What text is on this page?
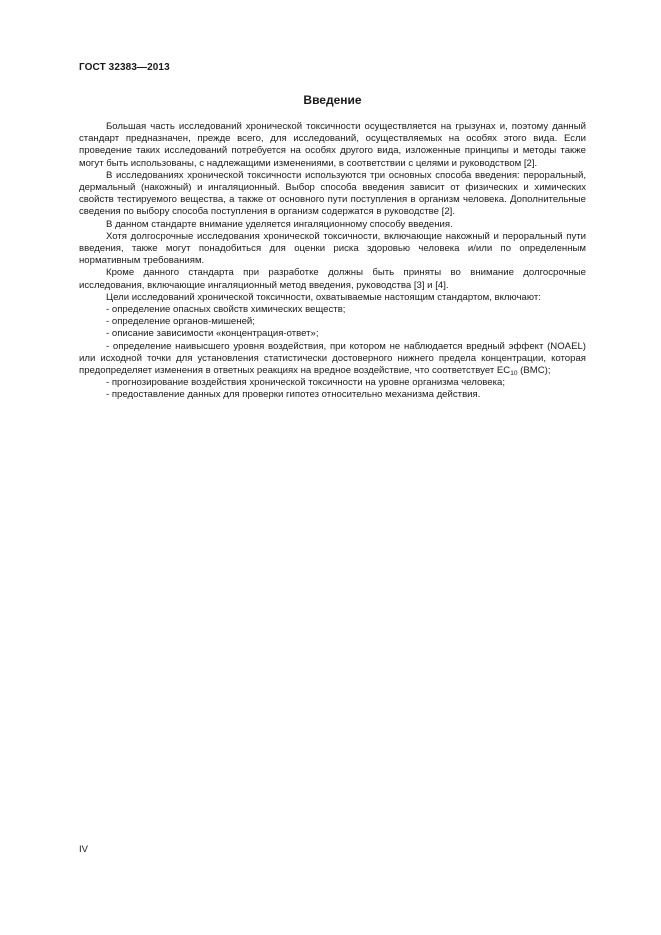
ГОСТ 32383—2013
Введение

Большая часть исследований хронической токсичности осуществляется на грызунах и, поэтому данный стандарт предназначен, прежде всего, для исследований, осуществляемых на особях этого вида. Если проведение таких исследований потребуется на особях другого вида, изложенные принципы и методы также могут быть использованы, с надлежащими изменениями, в соответствии с целями и руководством [2].

В исследованиях хронической токсичности используются три основных способа введения: пероральный, дермальный (накожный) и ингаляционный. Выбор способа введения зависит от физических и химических свойств тестируемого вещества, а также от основного пути поступления в организм человека. Дополнительные сведения по выбору способа поступления в организм содержатся в руководстве [2].

В данном стандарте внимание уделяется ингаляционному способу введения.

Хотя долгосрочные исследования хронической токсичности, включающие накожный и пероральный пути введения, также могут понадобиться для оценки риска здоровью человека и/или по определенным нормативным требованиям.

Кроме данного стандарта при разработке должны быть приняты во внимание долгосрочные исследования, включающие ингаляционный метод введения, руководства [3] и [4].

Цели исследований хронической токсичности, охватываемые настоящим стандартом, включают:

- определение опасных свойств химических веществ;

- определение органов-мишеней;

- описание зависимости «концентрация-ответ»;

- определение наивысшего уровня воздействия, при котором не наблюдается вредный эффект (NOAEL) или исходной точки для установления статистически достоверного нижнего предела концентрации, которая предопределяет изменения в ответных реакциях на вредное воздействие, что соответствует $EC_{10}$ (ВМС);

- прогнозирование воздействия хронической токсичности на уровне организма человека;

- предоставление данных для проверки гипотез относительно механизма действия.

IV
